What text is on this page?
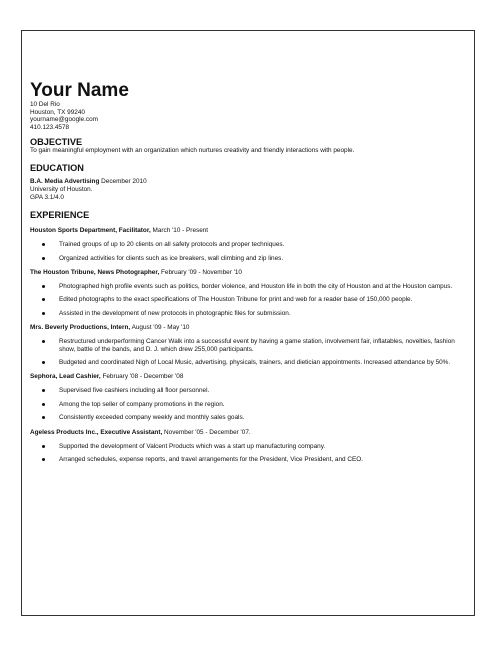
Your Name
10 Del Rio
Houston, TX 99240
yourname@google.com
410.123.4578
OBJECTIVE
To gain meaningful employment with an organization which nurtures creativity and friendly interactions with people.
EDUCATION
B.A. Media Advertising December 2010
University of Houston.
GPA 3.1/4.0
EXPERIENCE
Houston Sports Department, Facilitator, March '10 - Present
Trained groups of up to 20 clients on all safety protocols and proper techniques.
Organized activities for clients such as ice breakers, wall climbing and zip lines.
The Houston Tribune, News Photographer, February '09 - November '10
Photographed high profile events such as politics, border violence, and Houston life in both the city of Houston and at the Houston campus.
Edited photographs to the exact specifications of The Houston Tribune for print and web for a reader base of 150,000 people.
Assisted in the development of new protocols in photographic files for submission.
Mrs. Beverly Productions, Intern, August '09 - May '10
Restructured underperforming Cancer Walk into a successful event by having a game station, involvement fair, inflatables, novelties, fashion show, battle of the bands, and D. J. which drew 255,000 participants.
Budgeted and coordinated Nigh of Local Music, advertising, physicals, trainers, and dietician appointments. Increased attendance by 50%.
Sephora, Lead Cashier, February '08 - December '08
Supervised five cashiers including all floor personnel.
Among the top seller of company promotions in the region.
Consistently exceeded company weekly and monthly sales goals.
Ageless Products Inc., Executive Assistant, November '05 - December '07.
Supported the development of Valcent Products which was a start up manufacturing company.
Arranged schedules, expense reports, and travel arrangements for the President, Vice President, and CEO.
